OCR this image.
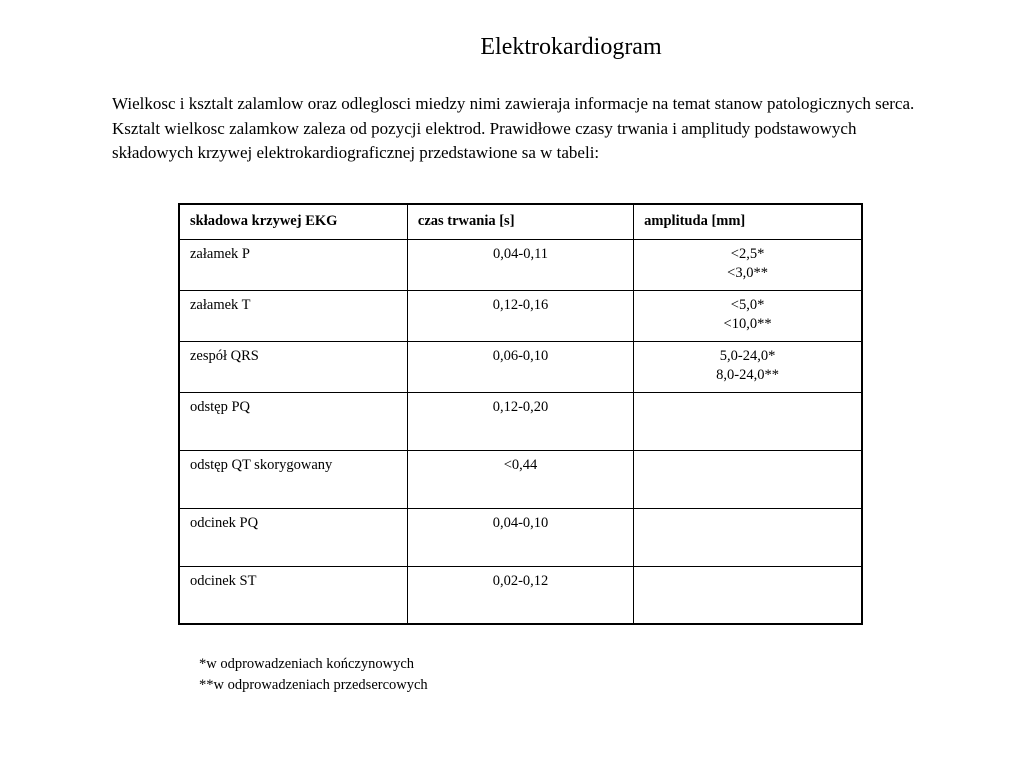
Elektrokardiogram

Wielkosc i ksztalt zalamlow oraz odleglosci miedzy nimi zawieraja informacje na temat stanow patologicznych serca. Ksztalt wielkosc zalamkow zaleza od pozycji elektrod. Prawidłowe czasy trwania i amplitudy podstawowych składowych krzywej elektrokardiograficznej przedstawione sa w tabeli:

składowa krzywej EKG	czas trwania [s]	amplituda [mm]
załamek P	0,04-0,11	<2,5*
<3,0**

załamek T	0,12-0,16	<5,0*
<10,0**

zespół QRS	0,06-0,10	5,0-24,0*
8,0-24,0**

odstęp PQ	0,12-0,20	
odstęp QT skorygowany	<0,44	
odcinek PQ	0,04-0,10	
odcinek ST	0,02-0,12	
*w odprowadzeniach kończynowych
**w odprowadzeniach przedsercowych
